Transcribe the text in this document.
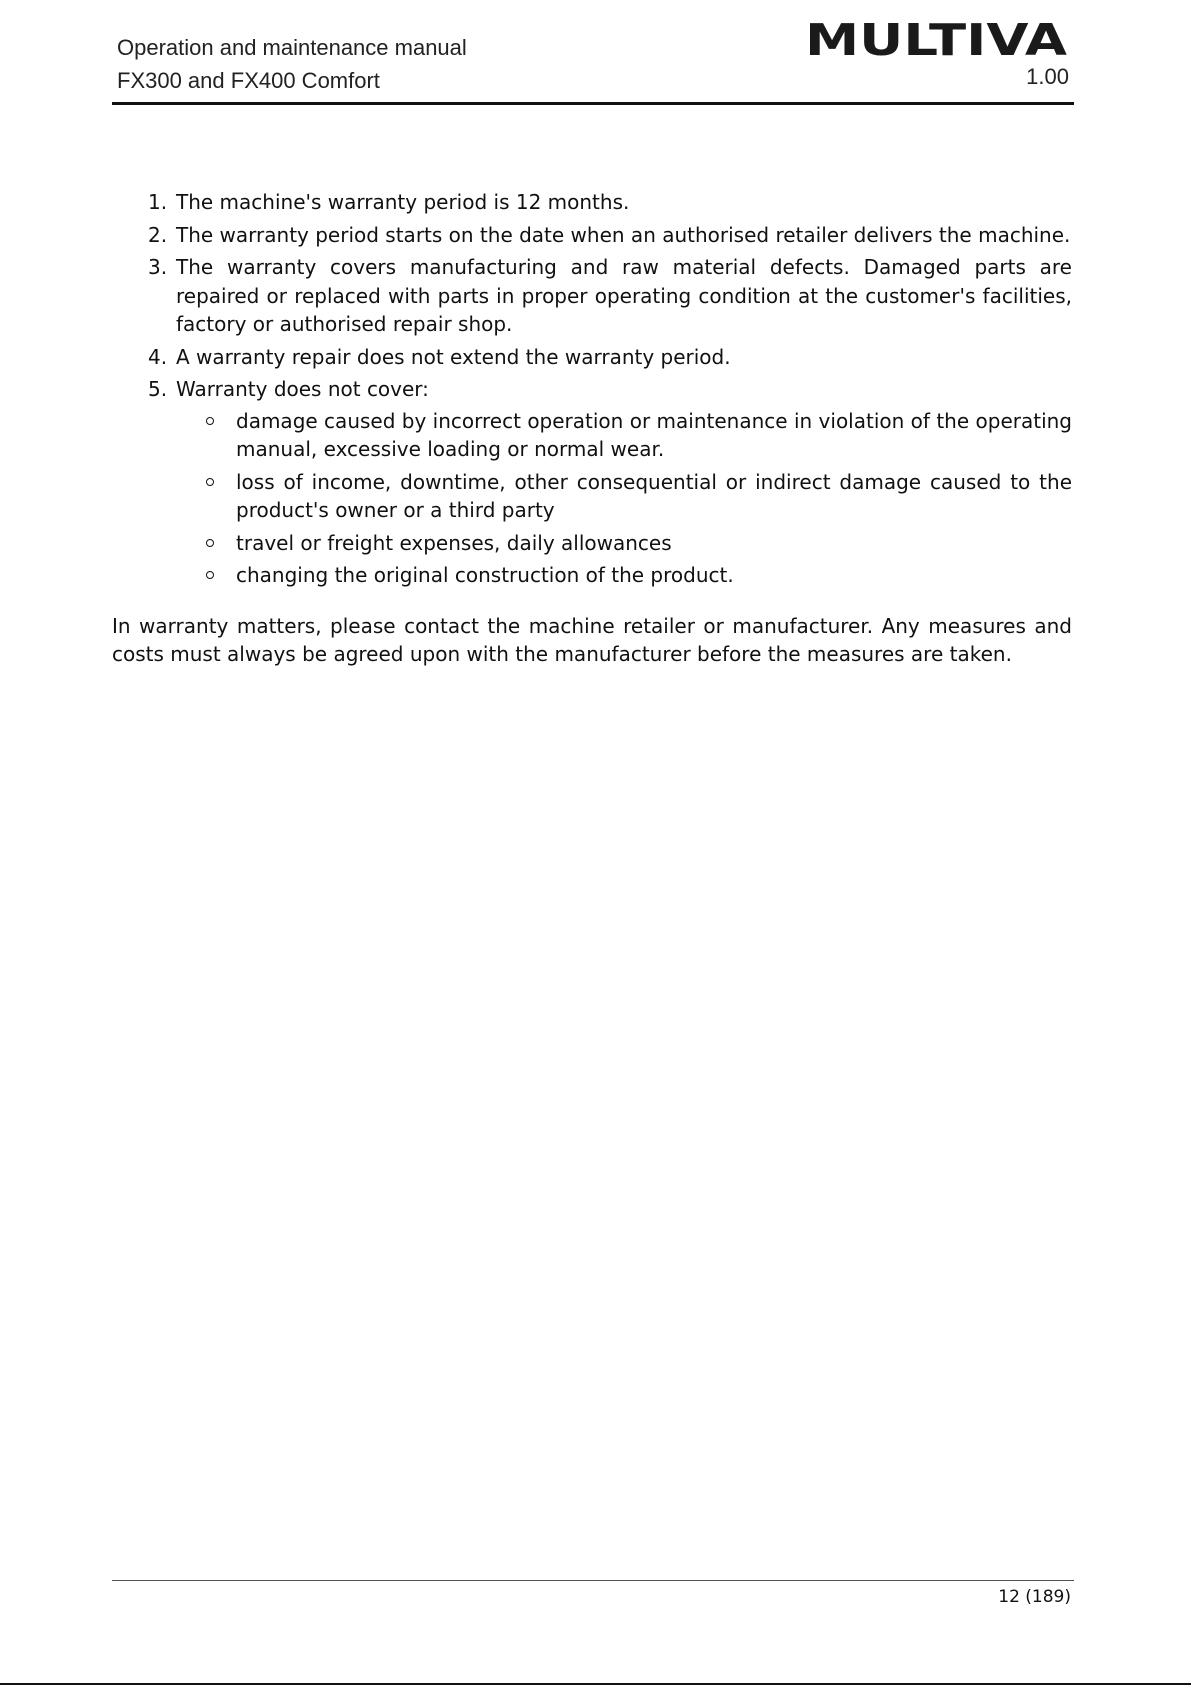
Operation and maintenance manual
FX300 and FX400 Comfort
MULTIVA
1.00
1. The machine's warranty period is 12 months.
2. The warranty period starts on the date when an authorised retailer delivers the machine.
3. The warranty covers manufacturing and raw material defects. Damaged parts are repaired or replaced with parts in proper operating condition at the customer's facilities, factory or authorised repair shop.
4. A warranty repair does not extend the warranty period.
5. Warranty does not cover:
damage caused by incorrect operation or maintenance in violation of the operating manual, excessive loading or normal wear.
loss of income, downtime, other consequential or indirect damage caused to the product's owner or a third party
travel or freight expenses, daily allowances
changing the original construction of the product.

In warranty matters, please contact the machine retailer or manufacturer. Any measures and costs must always be agreed upon with the manufacturer before the measures are taken.

12 (189)
